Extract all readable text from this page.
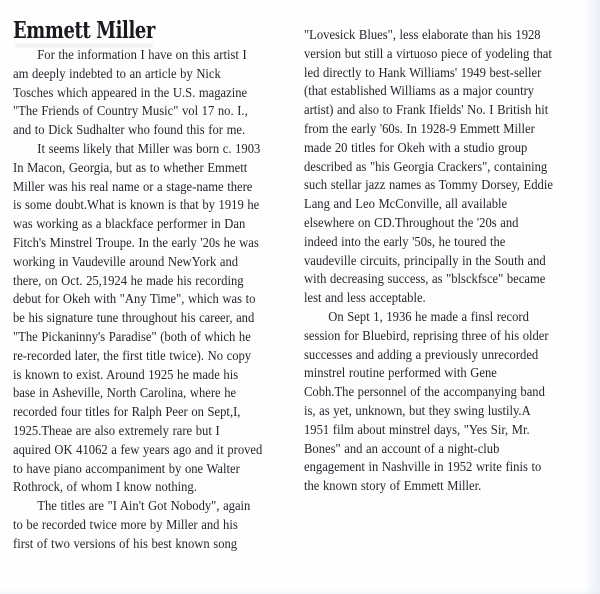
Emmett Miller
For the information I have on this artist I
am deeply indebted to an article by Nick
Tosches which appeared in the U.S. magazine
"The Friends of Country Music" vol 17 no. I.,
and to Dick Sudhalter who found this for me.
It seems likely that Miller was born c. 1903
In Macon, Georgia, but as to whether Emmett
Miller was his real name or a stage-name there
is some doubt.What is known is that by 1919 he
was working as a blackface performer in Dan
Fitch's Minstrel Troupe. In the early '20s he was
working in Vaudeville around NewYork and
there, on Oct. 25,1924 he made his recording
debut for Okeh with "Any Time", which was to
be his signature tune throughout his career, and
"The Pickaninny's Paradise" (both of which he
re-recorded later, the first title twice). No copy
is known to exist. Around 1925 he made his
base in Asheville, North Carolina, where he
recorded four titles for Ralph Peer on Sept,I,
1925.Theae are also extremely rare but I
aquired OK 41062 a few years ago and it proved
to have piano accompaniment by one Walter
Rothrock, of whom I know nothing.
The titles are "I Ain't Got Nobody", again
to be recorded twice more by Miller and his
first of two versions of his best known song
"Lovesick Blues", less elaborate than his 1928
version but still a virtuoso piece of yodeling that
led directly to Hank Williams' 1949 best-seller
(that established Williams as a major country
artist) and also to Frank Ifields' No. I British hit
from the early '60s. In 1928-9 Emmett Miller
made 20 titles for Okeh with a studio group
described as "his Georgia Crackers", containing
such stellar jazz names as Tommy Dorsey, Eddie
Lang and Leo McConville, all available
elsewhere on CD.Throughout the '20s and
indeed into the early '50s, he toured the
vaudeville circuits, principally in the South and
with decreasing success, as "blsckfsce" became
lest and less acceptable.
On Sept 1, 1936 he made a finsl record
session for Bluebird, reprising three of his older
successes and adding a previously unrecorded
minstrel routine performed with Gene
Cobh.The personnel of the accompanying band
is, as yet, unknown, but they swing lustily.A
1951 film about minstrel days, "Yes Sir, Mr.
Bones" and an account of a night-club
engagement in Nashville in 1952 write finis to
the known story of Emmett Miller.
